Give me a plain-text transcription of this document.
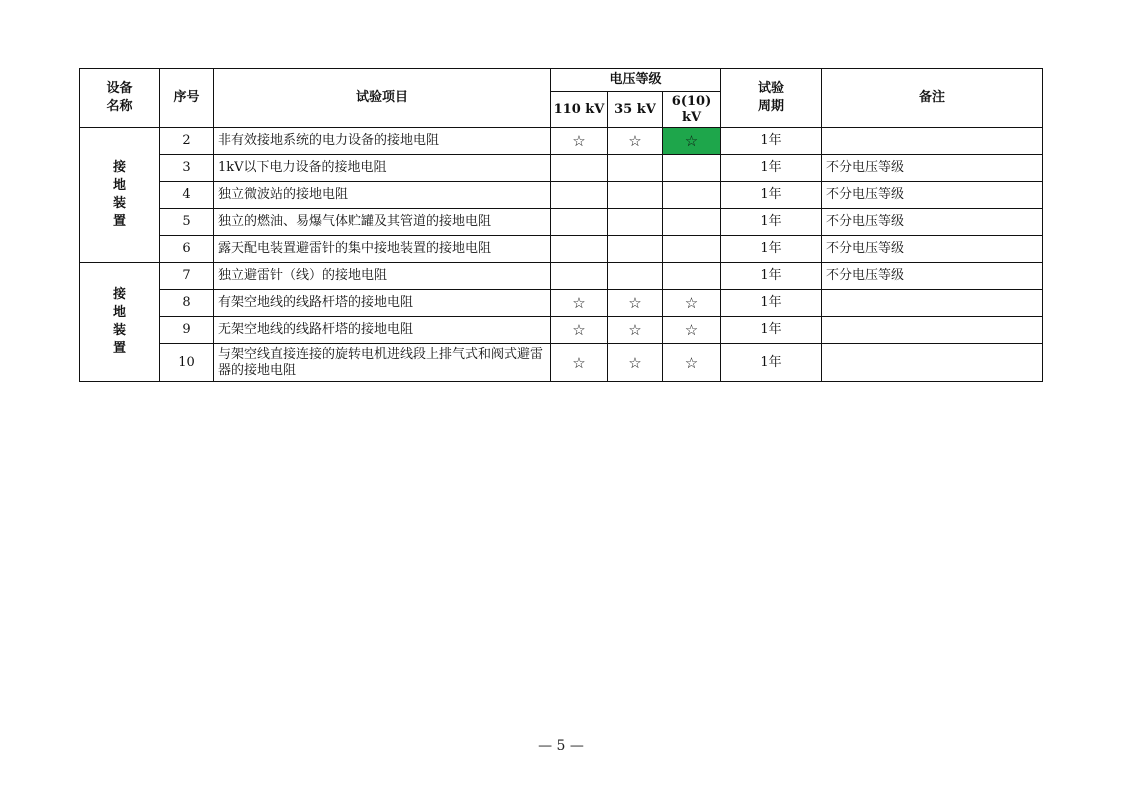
设备名称	序号	试验项目	电压等级			试验周期	备注
			110 kV	35 kV	6(10) kV		
接地装置	2	非有效接地系统的电力设备的接地电阻	☆	☆	☆	1年	
	3	1kV以下电力设备的接地电阻				1年	不分电压等级
	4	独立微波站的接地电阻				1年	不分电压等级
	5	独立的燃油、易爆气体贮罐及其管道的接地电阻				1年	不分电压等级
	6	露天配电装置避雷针的集中接地装置的接地电阻				1年	不分电压等级
接地装置	7	独立避雷针（线）的接地电阻				1年	不分电压等级
	8	有架空地线的线路杆塔的接地电阻	☆	☆	☆	1年	
	9	无架空地线的线路杆塔的接地电阻	☆	☆	☆	1年	
	10	与架空线直接连接的旋转电机进线段上排气式和阀式避雷器的接地电阻	☆	☆	☆	1年	
— 5 —
